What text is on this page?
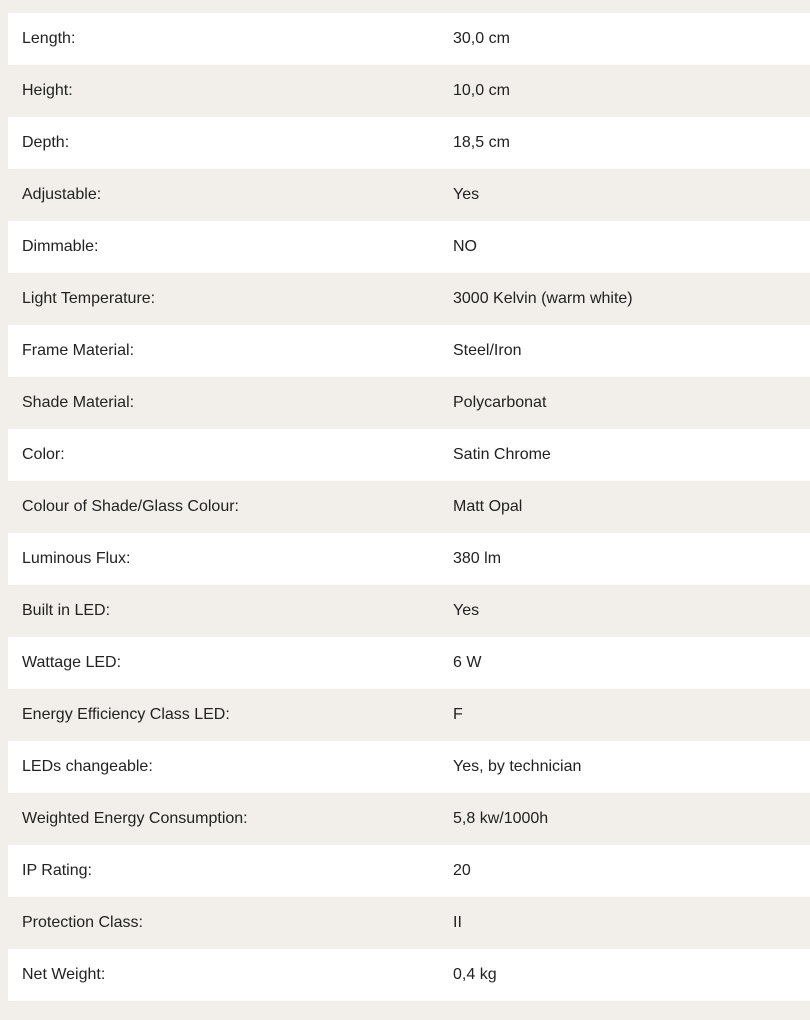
Length:	30,0 cm
Height:	10,0 cm
Depth:	18,5 cm
Adjustable:	Yes
Dimmable:	NO
Light Temperature:	3000 Kelvin (warm white)
Frame Material:	Steel/Iron
Shade Material:	Polycarbonat
Color:	Satin Chrome
Colour of Shade/Glass Colour:	Matt Opal
Luminous Flux:	380 lm
Built in LED:	Yes
Wattage LED:	6 W
Energy Efficiency Class LED:	F
LEDs changeable:	Yes, by technician
Weighted Energy Consumption:	5,8 kw/1000h
IP Rating:	20
Protection Class:	II
Net Weight:	0,4 kg
